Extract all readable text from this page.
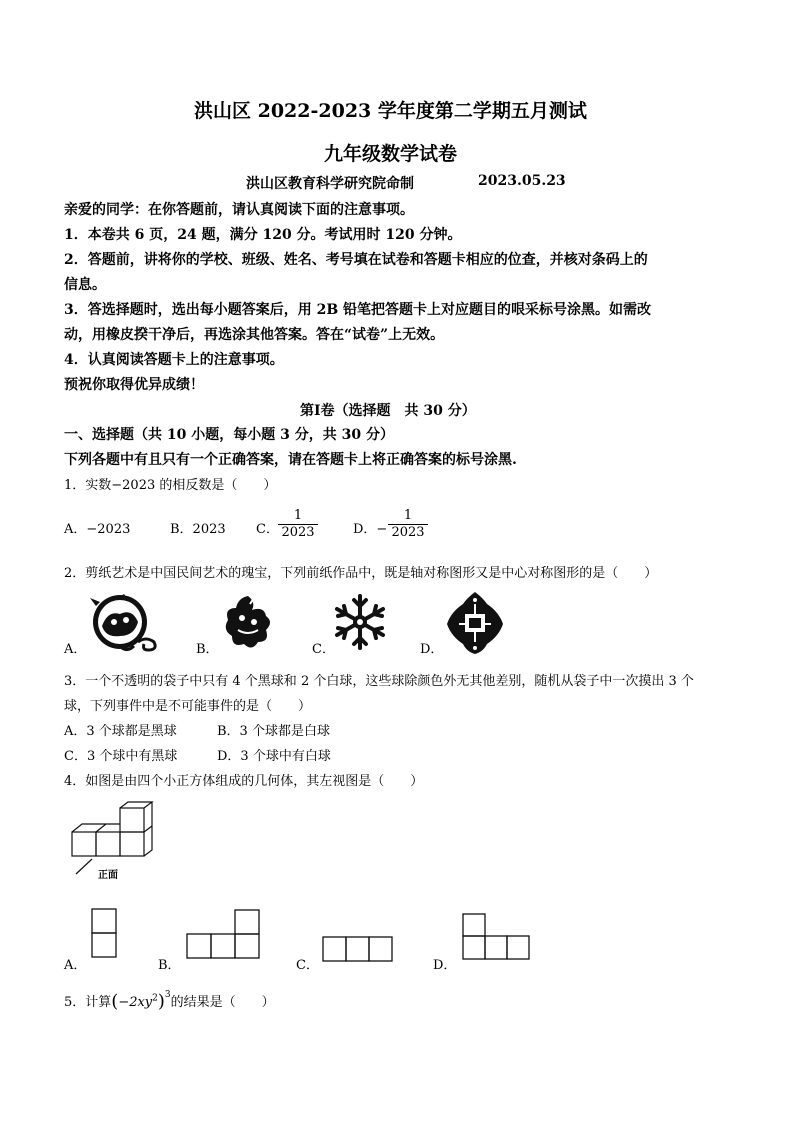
洪山区 2022-2023 学年度第二学期五月测试
九年级数学试卷
洪山区教育科学研究院命制	2023.05.23
亲爱的同学：在你答题前，请认真阅读下面的注意事项。
1．本卷共 6 页，24 题，满分 120 分。考试用时 120 分钟。
2．答题前，讲将你的学校、班级、姓名、考号填在试卷和答题卡相应的位查，并核对条码上的
信息。
3．答选择题时，选出每小题答案后，用 2B 铅笔把答题卡上对应题目的哏采标号涂黑。如需改
动，用橡皮揆干净后，再选涂其他答案。答在“试卷”上无效。
4．认真阅读答题卡上的注意事项。
预祝你取得优异成绩！
第Ⅰ卷（选择题　共 30 分）
一、选择题（共 10 小题，每小题 3 分，共 30 分）
下列各题中有且只有一个正确答案，请在答题卡上将正确答案的标号涂黑.
1．实数−2023 的相反数是（　　）
A．−2023	B．2023 C．
1
2023	D．−
1
2023
2．剪纸艺术是中国民间艺术的瑰宝，下列前纸作品中，既是轴对称图形又是中心对称图形的是（　　）
A．	B．	C．	D．
3．一个不透明的袋子中只有 4 个黑球和 2 个白球，这些球除颜色外无其他差别，随机从袋子中一次摸出 3 个
球，下列事件中是不可能事件的是（　　）
A．3 个球都是黑球	B．3 个球都是白球
C．3 个球中有黑球	D．3 个球中有白球
4．如图是由四个小正方体组成的几何体，其左视图是（　　）
正面
A．	B．	C．	D．
5．计算$(-2xy^2)^3$的结果是（　　）
